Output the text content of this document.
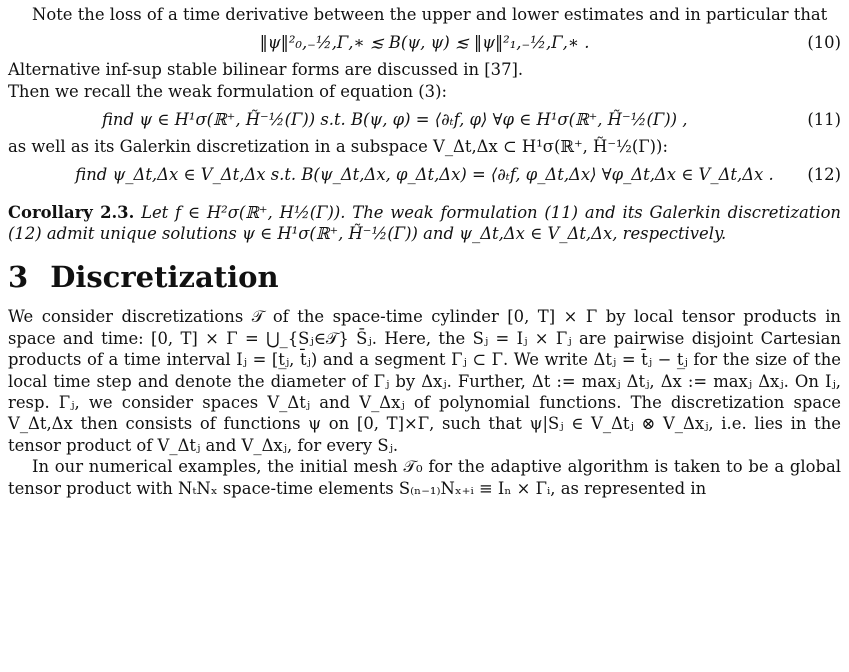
Note the loss of a time derivative between the upper and lower estimates and in particular that

‖ψ‖²₀,₋½,Γ,∗ ≲ B(ψ, ψ) ≲ ‖ψ‖²₁,₋½,Γ,∗ .	(10)

Alternative inf-sup stable bilinear forms are discussed in [37].

Then we recall the weak formulation of equation (3):

find ψ ∈ H¹σ(ℝ⁺, H̃⁻½(Γ)) s.t. B(ψ, φ) = ⟨∂ₜf, φ⟩ ∀φ ∈ H¹σ(ℝ⁺, H̃⁻½(Γ)) ,	(11)

as well as its Galerkin discretization in a subspace V_Δt,Δx ⊂ H¹σ(ℝ⁺, H̃⁻½(Γ)):

find ψ_Δt,Δx ∈ V_Δt,Δx s.t. B(ψ_Δt,Δx, φ_Δt,Δx) = ⟨∂ₜf, φ_Δt,Δx⟩ ∀φ_Δt,Δx ∈ V_Δt,Δx . (12)

Corollary 2.3. Let f ∈ H²σ(ℝ⁺, H½(Γ)). The weak formulation (11) and its Galerkin discretization (12) admit unique solutions ψ ∈ H¹σ(ℝ⁺, H̃⁻½(Γ)) and ψ_Δt,Δx ∈ V_Δt,Δx, respectively.

3 Discretization

We consider discretizations 𝒯 of the space-time cylinder [0, T] × Γ by local tensor products in space and time: [0, T] × Γ = ⋃_{Sⱼ∈𝒯} S̄ⱼ. Here, the Sⱼ = Iⱼ × Γⱼ are pairwise disjoint Cartesian products of a time interval Iⱼ = [t̲ⱼ, t̄ⱼ) and a segment Γⱼ ⊂ Γ. We write Δtⱼ = t̄ⱼ − t̲ⱼ for the size of the local time step and denote the diameter of Γⱼ by Δxⱼ. Further, Δt := maxⱼ Δtⱼ, Δx := maxⱼ Δxⱼ. On Iⱼ, resp. Γⱼ, we consider spaces V_Δtⱼ and V_Δxⱼ of polynomial functions. The discretization space V_Δt,Δx then consists of functions ψ on [0, T]×Γ, such that ψ|Sⱼ ∈ V_Δtⱼ ⊗ V_Δxⱼ, i.e. lies in the tensor product of V_Δtⱼ and V_Δxⱼ, for every Sⱼ.

In our numerical examples, the initial mesh 𝒯₀ for the adaptive algorithm is taken to be a global tensor product with NₜNₓ space-time elements S₍ₙ₋₁₎Nₓ₊ᵢ ≡ Iₙ × Γᵢ, as represented in
